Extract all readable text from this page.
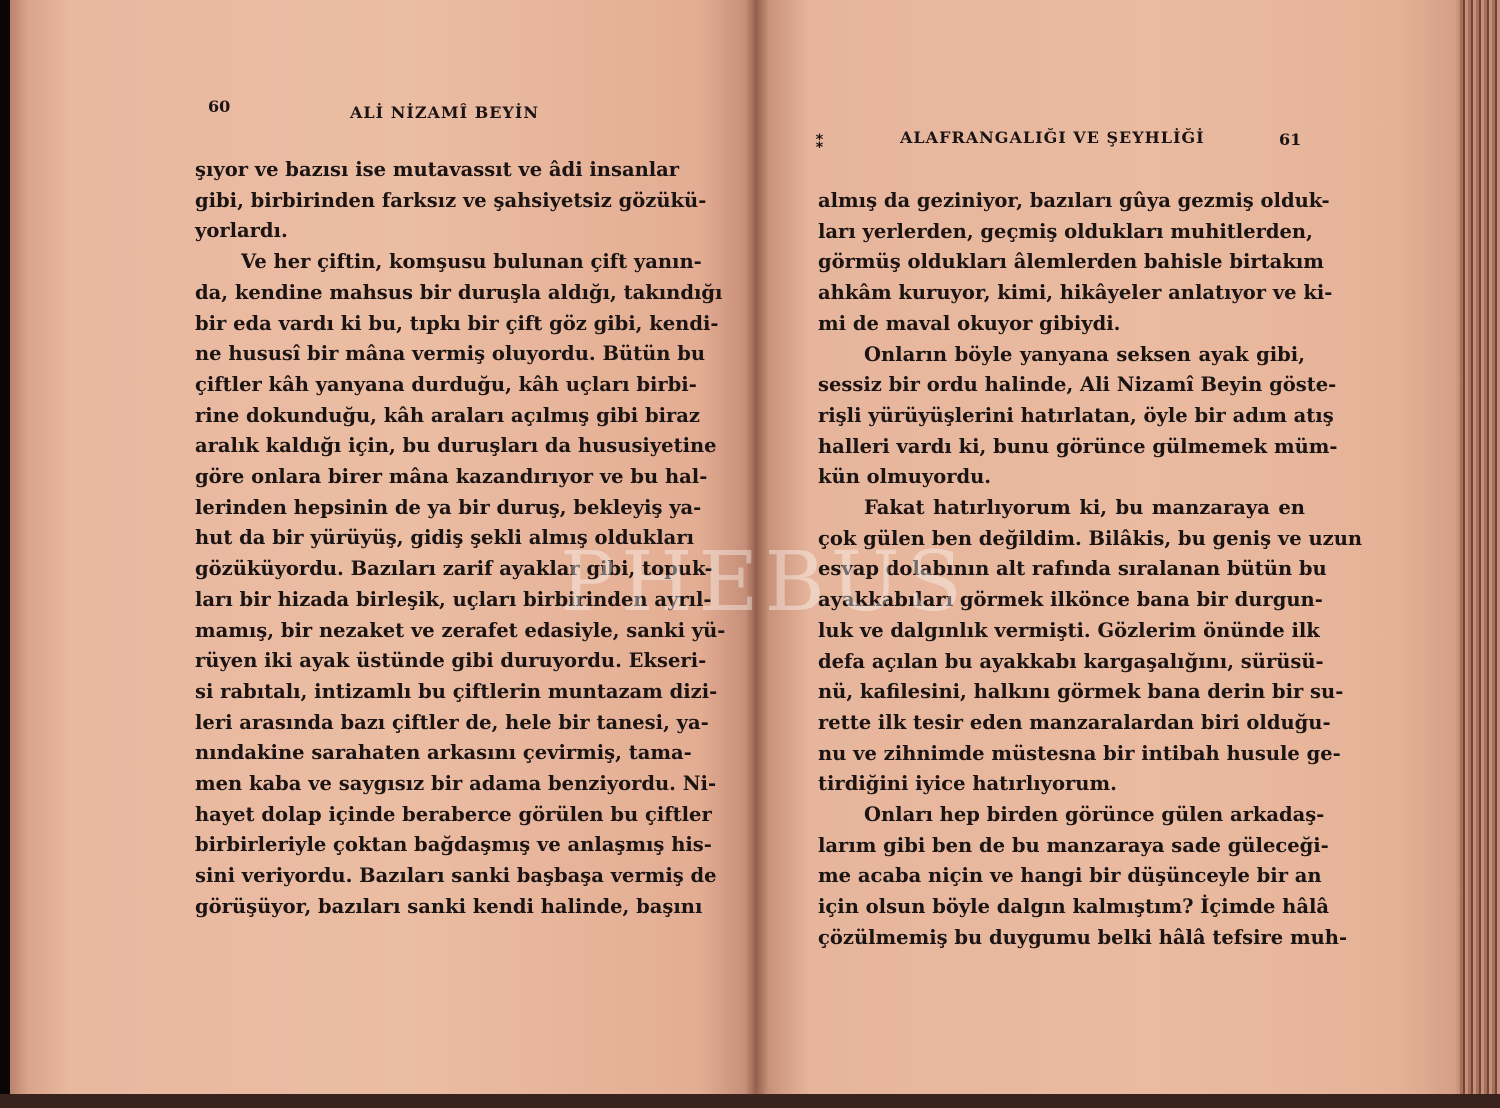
60	ALİ NİZAMÎ BEYİN
şıyor ve bazısı ise mutavassıt ve âdi insanlar
gibi, birbirinden farksız ve şahsiyetsiz gözükü-
yorlardı.
Ve her çiftin, komşusu bulunan çift yanın-
da, kendine mahsus bir duruşla aldığı, takındığı
bir eda vardı ki bu, tıpkı bir çift göz gibi, kendi-
ne hususî bir mâna vermiş oluyordu. Bütün bu
çiftler kâh yanyana durduğu, kâh uçları birbi-
rine dokunduğu, kâh araları açılmış gibi biraz
aralık kaldığı için, bu duruşları da hususiyetine
göre onlara birer mâna kazandırıyor ve bu hal-
lerinden hepsinin de ya bir duruş, bekleyiş ya-
hut da bir yürüyüş, gidiş şekli almış oldukları
gözüküyordu. Bazıları zarif ayaklar gibi, topuk-
ları bir hizada birleşik, uçları birbirinden ayrıl-
mamış, bir nezaket ve zerafet edasiyle, sanki yü-
rüyen iki ayak üstünde gibi duruyordu. Ekseri-
si rabıtalı, intizamlı bu çiftlerin muntazam dizi-
leri arasında bazı çiftler de, hele bir tanesi, ya-
nındakine sarahaten arkasını çevirmiş, tama-
men kaba ve saygısız bir adama benziyordu. Ni-
hayet dolap içinde beraberce görülen bu çiftler
birbirleriyle çoktan bağdaşmış ve anlaşmış his-
sini veriyordu. Bazıları sanki başbaşa vermiş de
görüşüyor, bazıları sanki kendi halinde, başını
⁑	ALAFRANGALIĞI VE ŞEYHLİĞİ	61
almış da geziniyor, bazıları gûya gezmiş olduk-
ları yerlerden, geçmiş oldukları muhitlerden,
görmüş oldukları âlemlerden bahisle birtakım
ahkâm kuruyor, kimi, hikâyeler anlatıyor ve ki-
mi de maval okuyor gibiydi.
Onların böyle yanyana seksen ayak gibi,
sessiz bir ordu halinde, Ali Nizamî Beyin göste-
rişli yürüyüşlerini hatırlatan, öyle bir adım atış
halleri vardı ki, bunu görünce gülmemek müm-
kün olmuyordu.
Fakat hatırlıyorum ki, bu manzaraya en
çok gülen ben değildim. Bilâkis, bu geniş ve uzun
esvap dolabının alt rafında sıralanan bütün bu
ayakkabıları görmek ilkönce bana bir durgun-
luk ve dalgınlık vermişti. Gözlerim önünde ilk
defa açılan bu ayakkabı kargaşalığını, sürüsü-
nü, kafilesini, halkını görmek bana derin bir su-
rette ilk tesir eden manzaralardan biri olduğu-
nu ve zihnimde müstesna bir intibah husule ge-
tirdiğini iyice hatırlıyorum.
Onları hep birden görünce gülen arkadaş-
larım gibi ben de bu manzaraya sade güleceği-
me acaba niçin ve hangi bir düşünceyle bir an
için olsun böyle dalgın kalmıştım? İçimde hâlâ
çözülmemiş bu duygumu belki hâlâ tefsire muh-
PHEBUS
